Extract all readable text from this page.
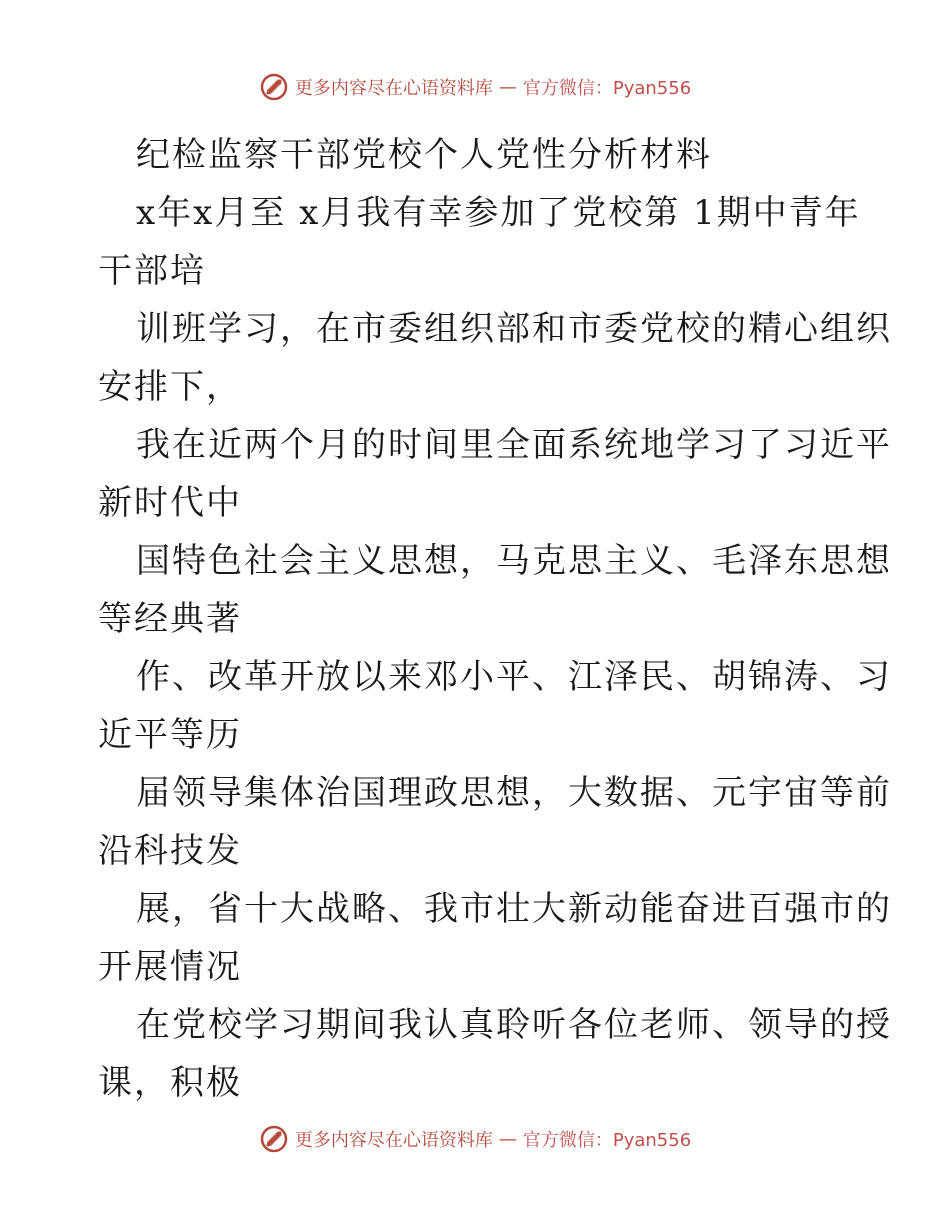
更多内容尽在心语资料库 — 官方微信：Pyan556
纪检监察干部党校个人党性分析材料
x年x月至 x月我有幸参加了党校第 1期中青年
干部培
训班学习，在市委组织部和市委党校的精心组织
安排下，
我在近两个月的时间里全面系统地学习了习近平
新时代中
国特色社会主义思想，马克思主义、毛泽东思想
等经典著
作、改革开放以来邓小平、江泽民、胡锦涛、习
近平等历
届领导集体治国理政思想，大数据、元宇宙等前
沿科技发
展，省十大战略、我市壮大新动能奋进百强市的
开展情况
在党校学习期间我认真聆听各位老师、领导的授
课，积极
更多内容尽在心语资料库 — 官方微信：Pyan556
